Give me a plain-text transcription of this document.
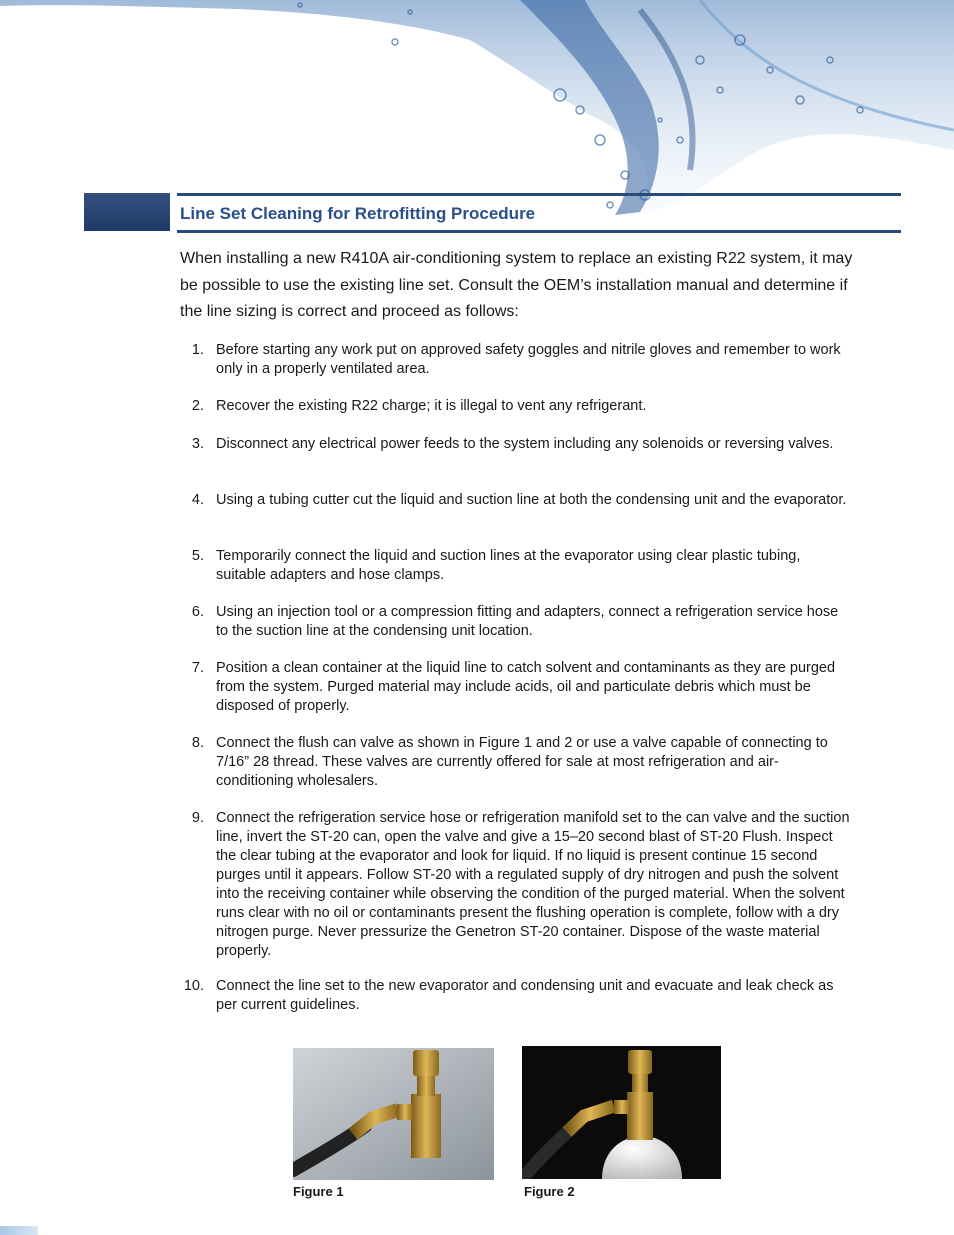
Line Set Cleaning for Retrofitting Procedure

When installing a new R410A air-conditioning system to replace an existing R22 system, it may be possible to use the existing line set. Consult the OEM’s installation manual and determine if the line sizing is correct and proceed as follows:

1. Before starting any work put on approved safety goggles and nitrile gloves and remember to work only in a properly ventilated area.
2. Recover the existing R22 charge; it is illegal to vent any refrigerant.
3. Disconnect any electrical power feeds to the system including any solenoids or reversing valves.
4. Using a tubing cutter cut the liquid and suction line at both the condensing unit and the evaporator.
5. Temporarily connect the liquid and suction lines at the evaporator using clear plastic tubing, suitable adapters and hose clamps.
6. Using an injection tool or a compression fitting and adapters, connect a refrigeration service hose to the suction line at the condensing unit location.
7. Position a clean container at the liquid line to catch solvent and contaminants as they are purged from the system. Purged material may include acids, oil and particulate debris which must be disposed of properly.
8. Connect the flush can valve as shown in Figure 1 and 2 or use a valve capable of connecting to 7/16” 28 thread. These valves are currently offered for sale at most refrigeration and air-conditioning wholesalers.
9. Connect the refrigeration service hose or refrigeration manifold set to the can valve and the suction line, invert the ST-20 can, open the valve and give a 15–20 second blast of ST-20 Flush. Inspect the clear tubing at the evaporator and look for liquid. If no liquid is present continue 15 second purges until it appears. Follow ST-20 with a regulated supply of dry nitrogen and push the solvent into the receiving container while observing the condition of the purged material. When the solvent runs clear with no oil or contaminants present the flushing operation is complete, follow with a dry nitrogen purge. Never pressurize the Genetron ST-20 container. Dispose of the waste material properly.
10. Connect the line set to the new evaporator and condensing unit and evacuate and leak check as per current guidelines.
Figure 1	Figure 2
